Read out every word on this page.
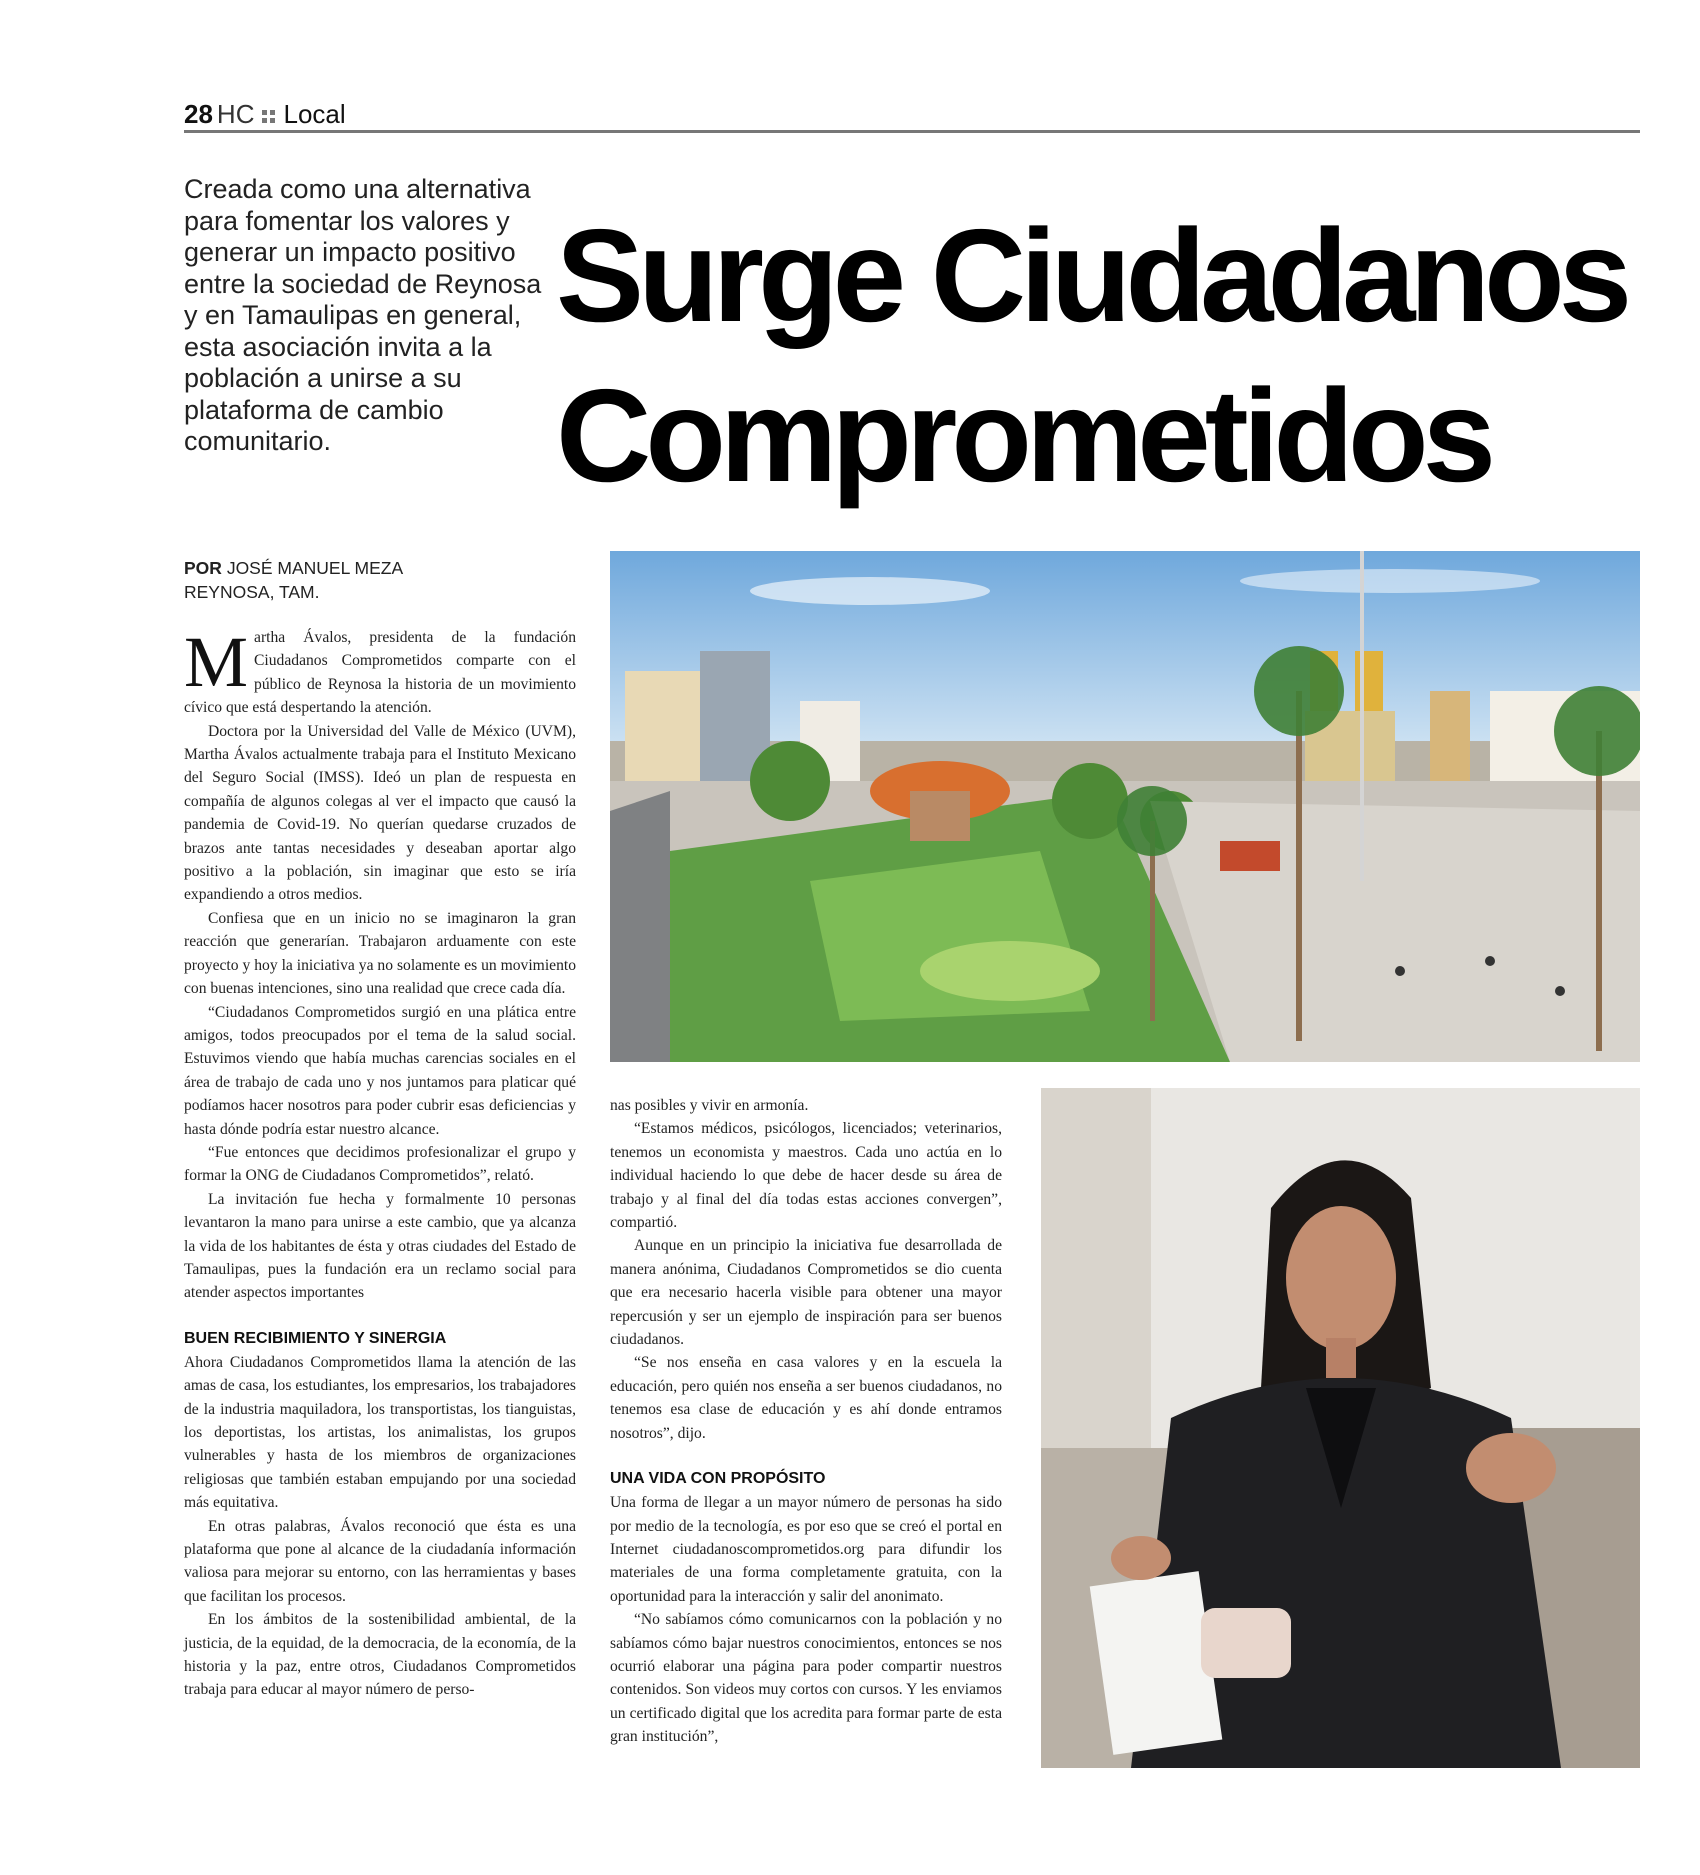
28 HC Local
Creada como una alternativa para fomentar los valores y generar un impacto positivo entre la sociedad de Reynosa y en Tamaulipas en general, esta asociación invita a la población a unirse a su plataforma de cambio comunitario.
Surge Ciudadanos
Comprometidos
POR JOSÉ MANUEL MEZA
REYNOSA, TAM.

Martha Ávalos, presidenta de la fundación Ciudadanos Comprometidos comparte con el público de Reynosa la historia de un movimiento cívico que está despertando la atención.

Doctora por la Universidad del Valle de México (UVM), Martha Ávalos actualmente trabaja para el Instituto Mexicano del Seguro Social (IMSS). Ideó un plan de respuesta en compañía de algunos colegas al ver el impacto que causó la pandemia de Covid-19. No querían quedarse cruzados de brazos ante tantas necesidades y deseaban aportar algo positivo a la población, sin imaginar que esto se iría expandiendo a otros medios.

Confiesa que en un inicio no se imaginaron la gran reacción que generarían. Trabajaron arduamente con este proyecto y hoy la iniciativa ya no solamente es un movimiento con buenas intenciones, sino una realidad que crece cada día.

“Ciudadanos Comprometidos surgió en una plática entre amigos, todos preocupados por el tema de la salud social. Estuvimos viendo que había muchas carencias sociales en el área de trabajo de cada uno y nos juntamos para platicar qué podíamos hacer nosotros para poder cubrir esas deficiencias y hasta dónde podría estar nuestro alcance.

“Fue entonces que decidimos profesionalizar el grupo y formar la ONG de Ciudadanos Comprometidos”, relató.

La invitación fue hecha y formalmente 10 personas levantaron la mano para unirse a este cambio, que ya alcanza la vida de los habitantes de ésta y otras ciudades del Estado de Tamaulipas, pues la fundación era un reclamo social para atender aspectos importantes

BUEN RECIBIMIENTO Y SINERGIA

Ahora Ciudadanos Comprometidos llama la atención de las amas de casa, los estudiantes, los empresarios, los trabajadores de la industria maquiladora, los transportistas, los tianguistas, los deportistas, los artistas, los animalistas, los grupos vulnerables y hasta de los miembros de organizaciones religiosas que también estaban empujando por una sociedad más equitativa.

En otras palabras, Ávalos reconoció que ésta es una plataforma que pone al alcance de la ciudadanía información valiosa para mejorar su entorno, con las herramientas y bases que facilitan los procesos.

En los ámbitos de la sostenibilidad ambiental, de la justicia, de la equidad, de la democracia, de la economía, de la historia y la paz, entre otros, Ciudadanos Comprometidos trabaja para educar al mayor número de perso-

nas posibles y vivir en armonía.

“Estamos médicos, psicólogos, licenciados; veterinarios, tenemos un economista y maestros. Cada uno actúa en lo individual haciendo lo que debe de hacer desde su área de trabajo y al final del día todas estas acciones convergen”, compartió.

Aunque en un principio la iniciativa fue desarrollada de manera anónima, Ciudadanos Comprometidos se dio cuenta que era necesario hacerla visible para obtener una mayor repercusión y ser un ejemplo de inspiración para ser buenos ciudadanos.

“Se nos enseña en casa valores y en la escuela la educación, pero quién nos enseña a ser buenos ciudadanos, no tenemos esa clase de educación y es ahí donde entramos nosotros”, dijo.

UNA VIDA CON PROPÓSITO

Una forma de llegar a un mayor número de personas ha sido por medio de la tecnología, es por eso que se creó el portal en Internet ciudadanoscomprometidos.org para difundir los materiales de una forma completamente gratuita, con la oportunidad para la interacción y salir del anonimato.

“No sabíamos cómo comunicarnos con la población y no sabíamos cómo bajar nuestros conocimientos, entonces se nos ocurrió elaborar una página para poder compartir nuestros contenidos. Son videos muy cortos con cursos. Y les enviamos un certificado digital que los acredita para formar parte de esta gran institución”,
